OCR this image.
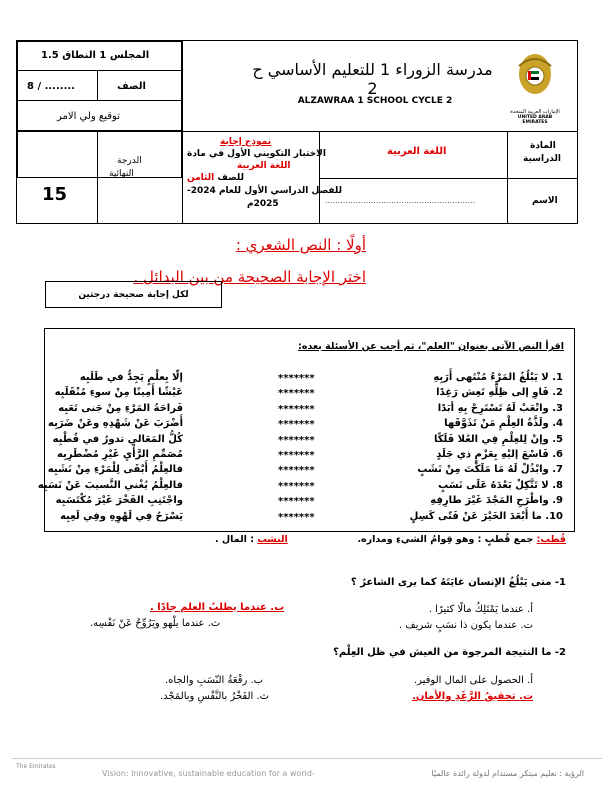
المجلس 1 النطاق 1.5
الصف
........ / 8
توقيع ولي الامر
الدرجة
النهائية
15
نموذج إجابة
الاختبار التكويني الأول في مادة
اللغة العربية
للصف الثامن
للفصل الدراسي الأول للعام 2024-
2025م
اللغة العربية	المادة
الدراسية
...........................................................	الاسم
الإمارات العربية المتحدة
UNITED ARAB EMIRATES
مدرسة الزوراء 1 للتعليم الأساسي ح 2
ALZAWRAA 1 SCHOOL CYCLE 2
أولًا : النص الشعري :
اختر الإجابة الصحيحة من بين البدائل .
لكل إجابة صحيحة درجتين
اقرأ النص الآتي بعنوان "العلم"، ثم أجب عن الأسئلة بعده:
1. لا يَبْلُغُ المَرْءُ مُنْتَهى أَرَبِهِ
*******
إلّا بِعلْمٍ يَجِدُّ في طَلَبِه
2. فَاوِ إلى ظِلِّهِ تَعِش رَغِدًا
*******
عَيْشًا أَمِينًا مِنْ سوءِ مُنْقَلَبِه
3. واتْعَبْ لَهُ تَسْتَرِحْ بِهِ أبَدًا
*******
فَراحَةُ المَرْءِ مِنْ جَنى تَعَبِه
4. ولَذَّةُ العِلْمِ مَنْ تَذَوَّقَها
*******
أَضْرَبَ عَنْ شَهْدِهِ وعَنْ ضَرَبِه
5. وإنْ لِلعِلْمِ فِي العُلا فَلَكًا
*******
كُلُّ المَعَالي تدورُ في قُطْبِه
6. فَاسْعَ إليْهِ بِعَزْمٍ ذي جَلَدٍ
*******
مُصَمِّمِ الرَّأْيِ غَيْرِ مُضْطَرِبِه
7. وابْذُلْ لَهُ مَا مَلَكْتَ مِنْ نَشَبٍ
*******
فالعِلْمُ أَبْقَى لِلْمَرْءِ مِنْ نَشَبِه
8. لا تَتَّكِلْ بَعْدَهُ عَلَى نَسَبٍ
*******
فالعِلْمُ يُغْني النَّسيبَ عَنْ نَسَبِه
9. واطْرَحِ المَجْدَ غَيْرَ طارِفِهِ
*******
واجْتَنِبِ الفَخْرَ غَيْرَ مُكْتَسَبِه
10. ما أَبْعَدَ الخَيْرَ عَنْ فَتًى كَسِلٍ
*******
يَسْرَحُ فِي لَهْوِهِ وفِي لَعِبِه
قُطب: جمع قُطبٍ : وهو قِوامُ الشيءِ ومداره.
النشب : المال .
1- متى يَبْلُغُ الإنسان غايَتَهُ كما يرى الشاعرُ ؟
أ. عندما يَمْتَلِكُ مالًا كثيرًا .
ب. عندما يطلبُ العلم جادًا .
ت. عندما يكون ذا نسَبٍ شريف .
ث. عندما يلْهو ويَرُوِّحُ عَنْ نَفْسِه.
2- ما النتيجة المرجوة من العيش في ظل العِلْم؟
أ. الحصول على المال الوفير.
ب. رفْعَةُ النّسَبِ والجاه.
ت. تحقيقُ الرَّغَدِ والأمان.
ث. الفَخْرُ بالنَّفْسِ وبالمَجْد.
The Emirates
Vision: Innovative, sustainable education for a world-	الرؤية : تعليم مبتكر مستدام لدولة رائدة عالميًا
